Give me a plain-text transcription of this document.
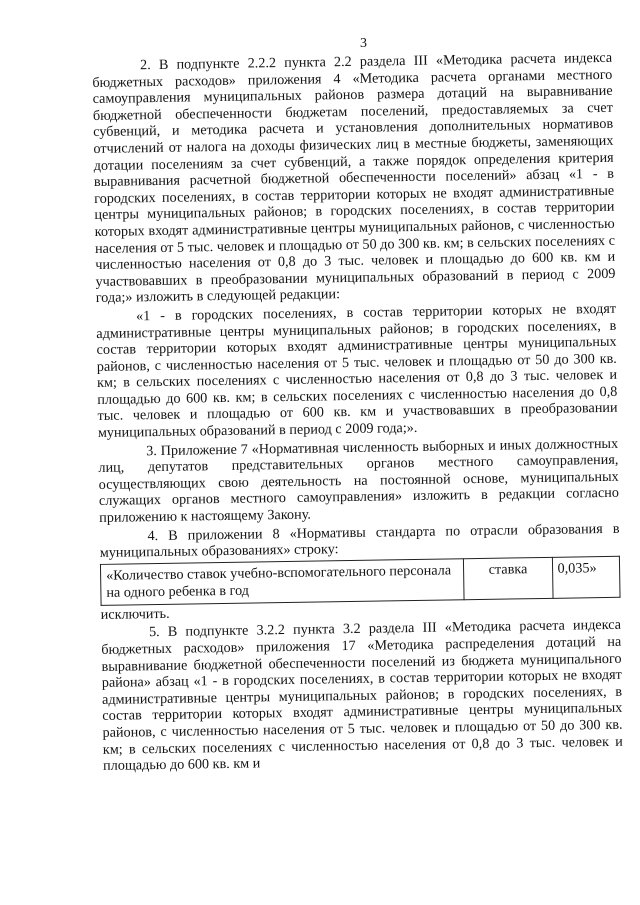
3

2. В подпункте 2.2.2 пункта 2.2 раздела III «Методика расчета индекса бюджетных расходов» приложения 4 «Методика расчета органами местного самоуправления муниципальных районов размера дотаций на выравнивание бюджетной обеспеченности бюджетам поселений, предоставляемых за счет субвенций, и методика расчета и установления дополнительных нормативов отчислений от налога на доходы физических лиц в местные бюджеты, заменяющих дотации поселениям за счет субвенций, а также порядок определения критерия выравнивания расчетной бюджетной обеспеченности поселений» абзац «1 - в городских поселениях, в состав территории которых не входят административные центры муниципальных районов; в городских поселениях, в состав территории которых входят административные центры муниципальных районов, с численностью населения от 5 тыс. человек и площадью от 50 до 300 кв. км; в сельских поселениях с численностью населения от 0,8 до 3 тыс. человек и площадью до 600 кв. км и участвовавших в преобразовании муниципальных образований в период с 2009 года;» изложить в следующей редакции:

«1 - в городских поселениях, в состав территории которых не входят административные центры муниципальных районов; в городских поселениях, в состав территории которых входят административные центры муниципальных районов, с численностью населения от 5 тыс. человек и площадью от 50 до 300 кв. км; в сельских поселениях с численностью населения от 0,8 до 3 тыс. человек и площадью до 600 кв. км; в сельских поселениях с численностью населения до 0,8 тыс. человек и площадью от 600 кв. км и участвовавших в преобразовании муниципальных образований в период с 2009 года;».

3. Приложение 7 «Нормативная численность выборных и иных должностных лиц, депутатов представительных органов местного самоуправления, осуществляющих свою деятельность на постоянной основе, муниципальных служащих органов местного самоуправления» изложить в редакции согласно приложению к настоящему Закону.

4. В приложении 8 «Нормативы стандарта по отрасли образования в муниципальных образованиях» строку:

«Количество ставок учебно-вспомогательного персонала на одного ребенка в год	ставка	0,035»

исключить.

5. В подпункте 3.2.2 пункта 3.2 раздела III «Методика расчета индекса бюджетных расходов» приложения 17 «Методика распределения дотаций на выравнивание бюджетной обеспеченности поселений из бюджета муниципального района» абзац «1 - в городских поселениях, в состав территории которых не входят административные центры муниципальных районов; в городских поселениях, в состав территории которых входят административные центры муниципальных районов, с численностью населения от 5 тыс. человек и площадью от 50 до 300 кв. км; в сельских поселениях с численностью населения от 0,8 до 3 тыс. человек и площадью до 600 кв. км и
